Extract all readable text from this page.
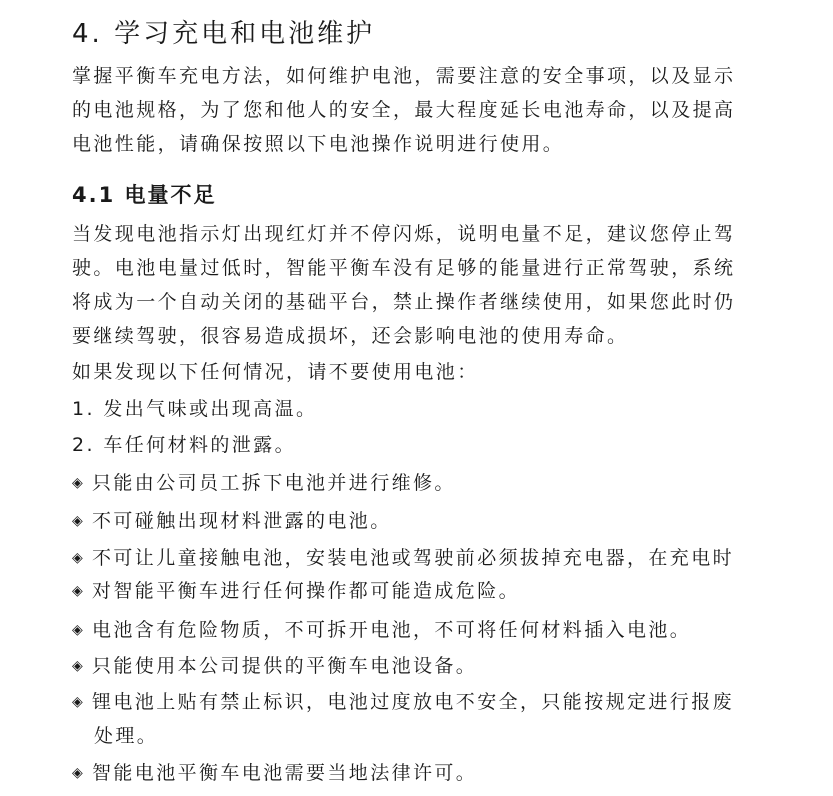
4. 学习充电和电池维护
掌握平衡车充电方法，如何维护电池，需要注意的安全事项，以及显示
的电池规格，为了您和他人的安全，最大程度延长电池寿命，以及提高
电池性能，请确保按照以下电池操作说明进行使用。
4.1 电量不足
当发现电池指示灯出现红灯并不停闪烁，说明电量不足，建议您停止驾
驶。电池电量过低时，智能平衡车没有足够的能量进行正常驾驶，系统
将成为一个自动关闭的基础平台，禁止操作者继续使用，如果您此时仍
要继续驾驶，很容易造成损坏，还会影响电池的使用寿命。
如果发现以下任何情况，请不要使用电池：
1. 发出气味或出现高温。
2. 车任何材料的泄露。
◈ 只能由公司员工拆下电池并进行维修。
◈ 不可碰触出现材料泄露的电池。
◈ 不可让儿童接触电池，安装电池或驾驶前必须拔掉充电器，在充电时
◈ 对智能平衡车进行任何操作都可能造成危险。
◈ 电池含有危险物质，不可拆开电池，不可将任何材料插入电池。
◈ 只能使用本公司提供的平衡车电池设备。
◈ 锂电池上贴有禁止标识，电池过度放电不安全，只能按规定进行报废
处理。
◈ 智能电池平衡车电池需要当地法律许可。
